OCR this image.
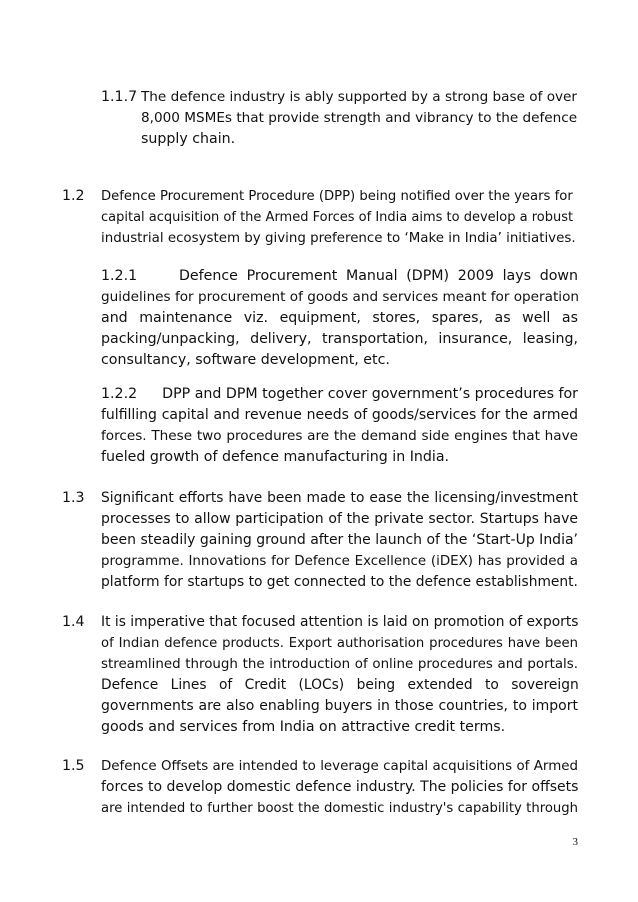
1.1.7 The defence industry is ably supported by a strong base of over
8,000 MSMEs that provide strength and vibrancy to the defence
supply chain.
1.2 Defence Procurement Procedure (DPP) being notified over the years for
capital acquisition of the Armed Forces of India aims to develop a robust
industrial ecosystem by giving preference to ‘Make in India’ initiatives.
1.2.1	Defence Procurement Manual (DPM) 2009 lays down
guidelines for procurement of goods and services meant for operation
and maintenance viz. equipment, stores, spares, as well as
packing/unpacking, delivery, transportation, insurance, leasing,
consultancy, software development, etc.
1.2.2	DPP and DPM together cover government’s procedures for
fulfilling capital and revenue needs of goods/services for the armed
forces. These two procedures are the demand side engines that have
fueled growth of defence manufacturing in India.
1.3 Significant efforts have been made to ease the licensing/investment
processes to allow participation of the private sector. Startups have
been steadily gaining ground after the launch of the ‘Start-Up India’
programme. Innovations for Defence Excellence (iDEX) has provided a
platform for startups to get connected to the defence establishment.
1.4 It is imperative that focused attention is laid on promotion of exports
of Indian defence products. Export authorisation procedures have been
streamlined through the introduction of online procedures and portals.
Defence Lines of Credit (LOCs) being extended to sovereign
governments are also enabling buyers in those countries, to import
goods and services from India on attractive credit terms.
1.5 Defence Offsets are intended to leverage capital acquisitions of Armed
forces to develop domestic defence industry. The policies for offsets
are intended to further boost the domestic industry's capability through
3
